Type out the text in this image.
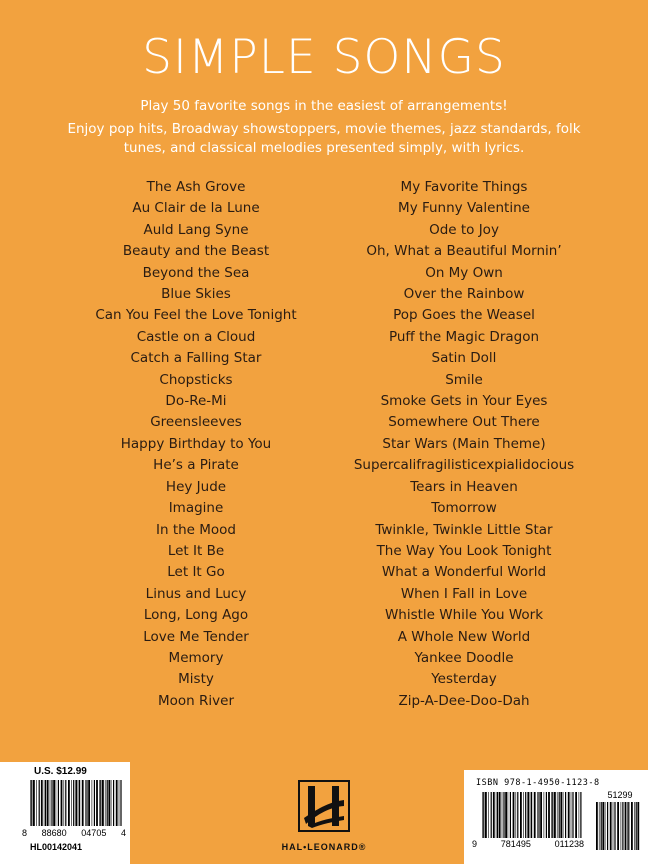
SIMPLE SONGS
Play 50 favorite songs in the easiest of arrangements!
Enjoy pop hits, Broadway showstoppers, movie themes, jazz standards, folk tunes, and classical melodies presented simply, with lyrics.
The Ash Grove
Au Clair de la Lune
Auld Lang Syne
Beauty and the Beast
Beyond the Sea
Blue Skies
Can You Feel the Love Tonight
Castle on a Cloud
Catch a Falling Star
Chopsticks
Do-Re-Mi
Greensleeves
Happy Birthday to You
He’s a Pirate
Hey Jude
Imagine
In the Mood
Let It Be
Let It Go
Linus and Lucy
Long, Long Ago
Love Me Tender
Memory
Misty
Moon River
My Favorite Things
My Funny Valentine
Ode to Joy
Oh, What a Beautiful Mornin’
On My Own
Over the Rainbow
Pop Goes the Weasel
Puff the Magic Dragon
Satin Doll
Smile
Smoke Gets in Your Eyes
Somewhere Out There
Star Wars (Main Theme)
Supercalifragilisticexpialidocious
Tears in Heaven
Tomorrow
Twinkle, Twinkle Little Star
The Way You Look Tonight
What a Wonderful World
When I Fall in Love
Whistle While You Work
A Whole New World
Yankee Doodle
Yesterday
Zip-A-Dee-Doo-Dah
U.S. $12.99
8 88680 04705 4
HL00142041	HAL•LEONARD®
ISBN 978-1-4950-1123-8
51299
9	781495	011238
